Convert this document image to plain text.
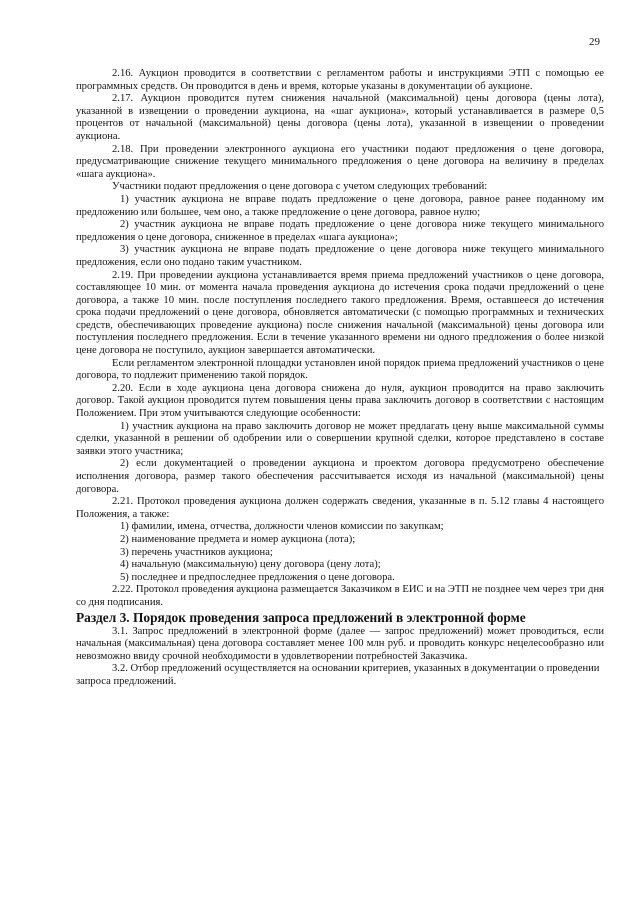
29

2.16. Аукцион проводится в соответствии с регламентом работы и инструкциями ЭТП с помощью ее программных средств. Он проводится в день и время, которые указаны в документации об аукционе.

2.17. Аукцион проводится путем снижения начальной (максимальной) цены договора (цены лота), указанной в извещении о проведении аукциона, на «шаг аукциона», который устанавливается в размере 0,5 процентов от начальной (максимальной) цены договора (цены лота), указанной в извещении о проведении аукциона.

2.18. При проведении электронного аукциона его участники подают предложения о цене договора, предусматривающие снижение текущего минимального предложения о цене договора на величину в пределах «шага аукциона».

Участники подают предложения о цене договора с учетом следующих требований:

1) участник аукциона не вправе подать предложение о цене договора, равное ранее поданному им предложению или большее, чем оно, а также предложение о цене договора, равное нулю;

2) участник аукциона не вправе подать предложение о цене договора ниже текущего минимального предложения о цене договора, сниженное в пределах «шага аукциона»;

3) участник аукциона не вправе подать предложение о цене договора ниже текущего минимального предложения, если оно подано таким участником.

2.19. При проведении аукциона устанавливается время приема предложений участников о цене договора, составляющее 10 мин. от момента начала проведения аукциона до истечения срока подачи предложений о цене договора, а также 10 мин. после поступления последнего такого предложения. Время, оставшееся до истечения срока подачи предложений о цене договора, обновляется автоматически (с помощью программных и технических средств, обеспечивающих проведение аукциона) после снижения начальной (максимальной) цены договора или поступления последнего предложения. Если в течение указанного времени ни одного предложения о более низкой цене договора не поступило, аукцион завершается автоматически.

Если регламентом электронной площадки установлен иной порядок приема предложений участников о цене договора, то подлежит применению такой порядок.

2.20. Если в ходе аукциона цена договора снижена до нуля, аукцион проводится на право заключить договор. Такой аукцион проводится путем повышения цены права заключить договор в соответствии с настоящим Положением. При этом учитываются следующие особенности:

1) участник аукциона на право заключить договор не может предлагать цену выше максимальной суммы сделки, указанной в решении об одобрении или о совершении крупной сделки, которое представлено в составе заявки этого участника;

2) если документацией о проведении аукциона и проектом договора предусмотрено обеспечение исполнения договора, размер такого обеспечения рассчитывается исходя из начальной (максимальной) цены договора.

2.21. Протокол проведения аукциона должен содержать сведения, указанные в п. 5.12 главы 4 настоящего Положения, а также:

1) фамилии, имена, отчества, должности членов комиссии по закупкам;

2) наименование предмета и номер аукциона (лота);

3) перечень участников аукциона;

4) начальную (максимальную) цену договора (цену лота);

5) последнее и предпоследнее предложения о цене договора.

2.22. Протокол проведения аукциона размещается Заказчиком в ЕИС и на ЭТП не позднее чем через три дня со дня подписания.

Раздел 3. Порядок проведения запроса предложений в электронной форме

3.1. Запрос предложений в электронной форме (далее — запрос предложений) может проводиться, если начальная (максимальная) цена договора составляет менее 100 млн руб. и проводить конкурс нецелесообразно или невозможно ввиду срочной необходимости в удовлетворении потребностей Заказчика.

3.2. Отбор предложений осуществляется на основании критериев, указанных в документации о проведении запроса предложений.
